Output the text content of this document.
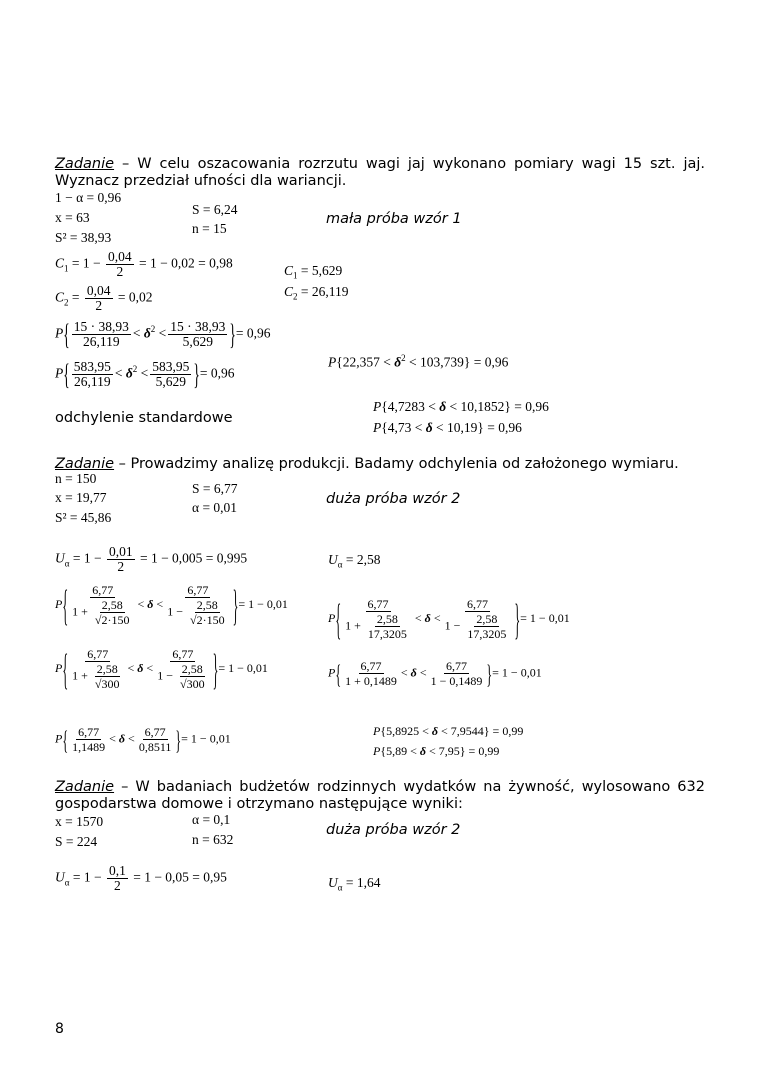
Zadanie – W celu oszacowania rozrzutu wagi jaj wykonano pomiary wagi 15 szt. jaj. Wyznacz przedział ufności dla wariancji.
1 − α = 0,96
x = 63
S² = 38,93
S = 6,24
n = 15
mała próba wzór 1
$C_1 = 1 - \frac{0,04}{2} = 1 - 0,02 = 0,98$
$C_2 = \frac{0,04}{2} = 0,02$
$C_1 = 5,629$
$C_2 = 26,119$
$P\{ \frac{15 \cdot 38,93}{26,119} < \delta^2 < \frac{15 \cdot 38,93}{5,629}$ }= 0,96
$P\{ \frac{583,95}{26,119} < \delta^2 < \frac{583,95}{5,629}$ }= 0,96
$P\{22,357 < \delta^2 < 103,739\} = 0,96$
odchylenie standardowe
P{4,7283 < δ < 10,1852} = 0,96
P{4,73 < δ < 10,19} = 0,96
Zadanie – Prowadzimy analizę produkcji. Badamy odchylenia od założonego wymiaru.
n = 150
x = 19,77
S² = 45,86
S = 6,77
α = 0,01
duża próba wzór 2
$U_\alpha = 1 - \frac{0,01}{2} = 1 - 0,005 = 0,995$	$U_\alpha = 2,58$
$P\{ \frac{6,77}{1 + \frac{2,58}{√2\cdot 150}} < \delta < \frac{6,77}{1 - \frac{2,58}{√2\cdot 150}}$ }= 1 − 0,01
$P\{ \frac{6,77}{1 + \frac{2,58}{17,3205}} < \delta < \frac{6,77}{1 - \frac{2,58}{17,3205}}$ }= 1 − 0,01
$P\{ \frac{6,77}{1 + \frac{2,58}{√300}} < \delta < \frac{6,77}{1 - \frac{2,58}{√300}}$ }= 1 − 0,01	$P\{ \frac{6,77}{1 + 0,1489} < \delta < \frac{6,77}{1 - 0,1489}$ }= 1 − 0,01
$P\{ \frac{6,77}{1,1489} < \delta < \frac{6,77}{0,8511}$ }= 1 − 0,01
P{5,8925 < δ < 7,9544} = 0,99
P{5,89 < δ < 7,95} = 0,99
Zadanie – W badaniach budżetów rodzinnych wydatków na żywność, wylosowano 632 gospodarstwa domowe i otrzymano następujące wyniki:
x = 1570
S = 224
α = 0,1
n = 632
duża próba wzór 2
$U_\alpha = 1 - \frac{0,1}{2} = 1 - 0,05 = 0,95$	$U_\alpha = 1,64$
8
